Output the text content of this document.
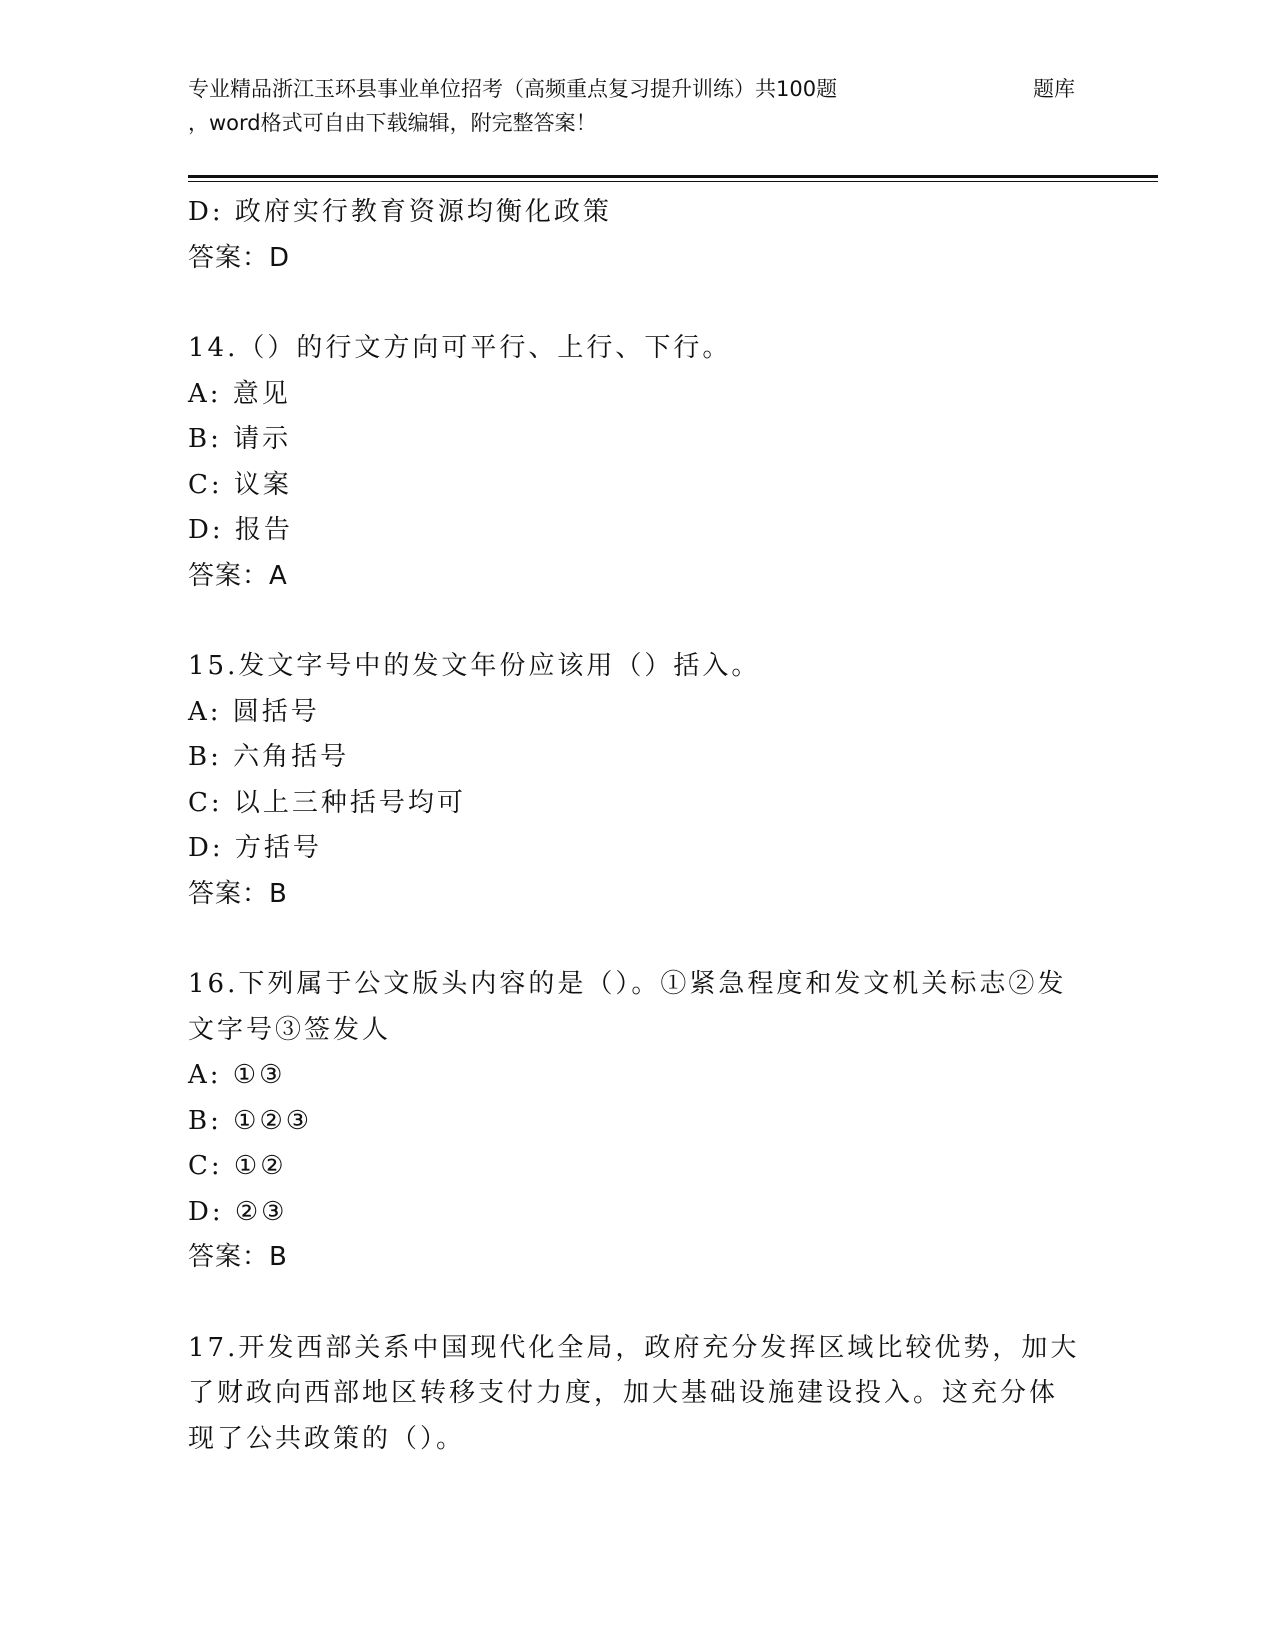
专业精品浙江玉环县事业单位招考（高频重点复习提升训练）共100题	题库
，word格式可自由下载编辑，附完整答案！
D: 政府实行教育资源均衡化政策
答案：D
14.（）的行文方向可平行、上行、下行。
A: 意见
B: 请示
C: 议案
D: 报告
答案：A
15.发文字号中的发文年份应该用（）括入。
A: 圆括号
B: 六角括号
C: 以上三种括号均可
D: 方括号
答案：B
16.下列属于公文版头内容的是（）。①紧急程度和发文机关标志②发
文字号③签发人
A: ①③
B: ①②③
C: ①②
D: ②③
答案：B
17.开发西部关系中国现代化全局，政府充分发挥区域比较优势，加大
了财政向西部地区转移支付力度，加大基础设施建设投入。这充分体
现了公共政策的（）。
